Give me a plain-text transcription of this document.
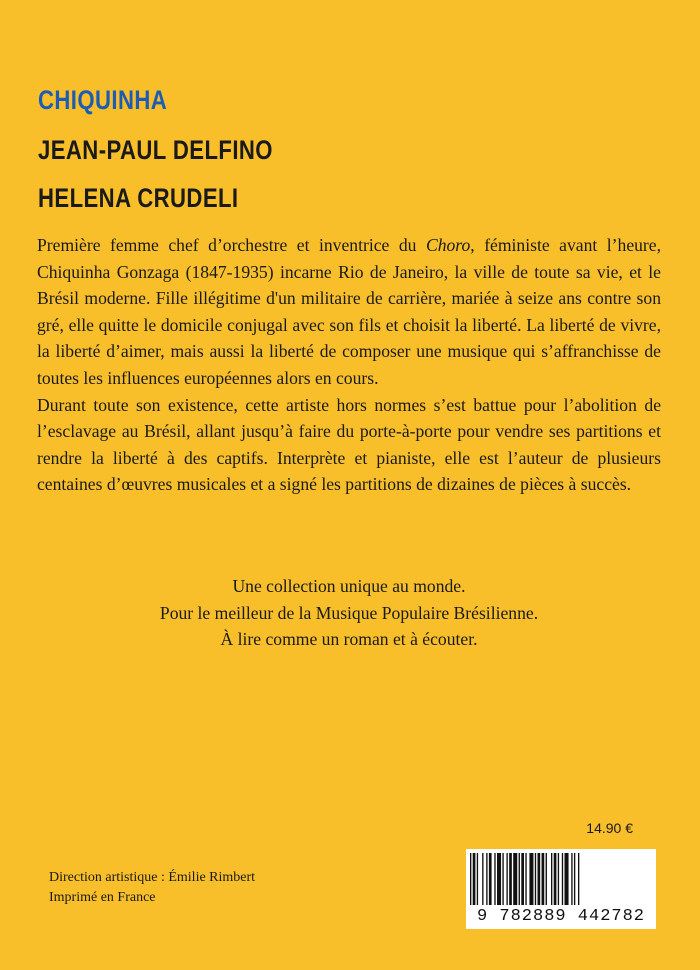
CHIQUINHA
JEAN-PAUL DELFINO
HELENA CRUDELI

Première femme chef d’orchestre et inventrice du Choro, féministe avant l’heure, Chiquinha Gonzaga (1847-1935) incarne Rio de Janeiro, la ville de toute sa vie, et le Brésil moderne. Fille illégitime d'un militaire de carrière, mariée à seize ans contre son gré, elle quitte le domicile conjugal avec son fils et choisit la liberté. La liberté de vivre, la liberté d’aimer, mais aussi la liberté de composer une musique qui s’affranchisse de toutes les influences européennes alors en cours.

Durant toute son existence, cette artiste hors normes s’est battue pour l’abolition de l’esclavage au Brésil, allant jusqu’à faire du porte-à-porte pour vendre ses partitions et rendre la liberté à des captifs. Interprète et pianiste, elle est l’auteur de plusieurs centaines d’œuvres musicales et a signé les partitions de dizaines de pièces à succès.

Une collection unique au monde.
Pour le meilleur de la Musique Populaire Brésilienne.
À lire comme un roman et à écouter.
14.90 €
Direction artistique : Émilie Rimbert
Imprimé en France
9 782889 442782
